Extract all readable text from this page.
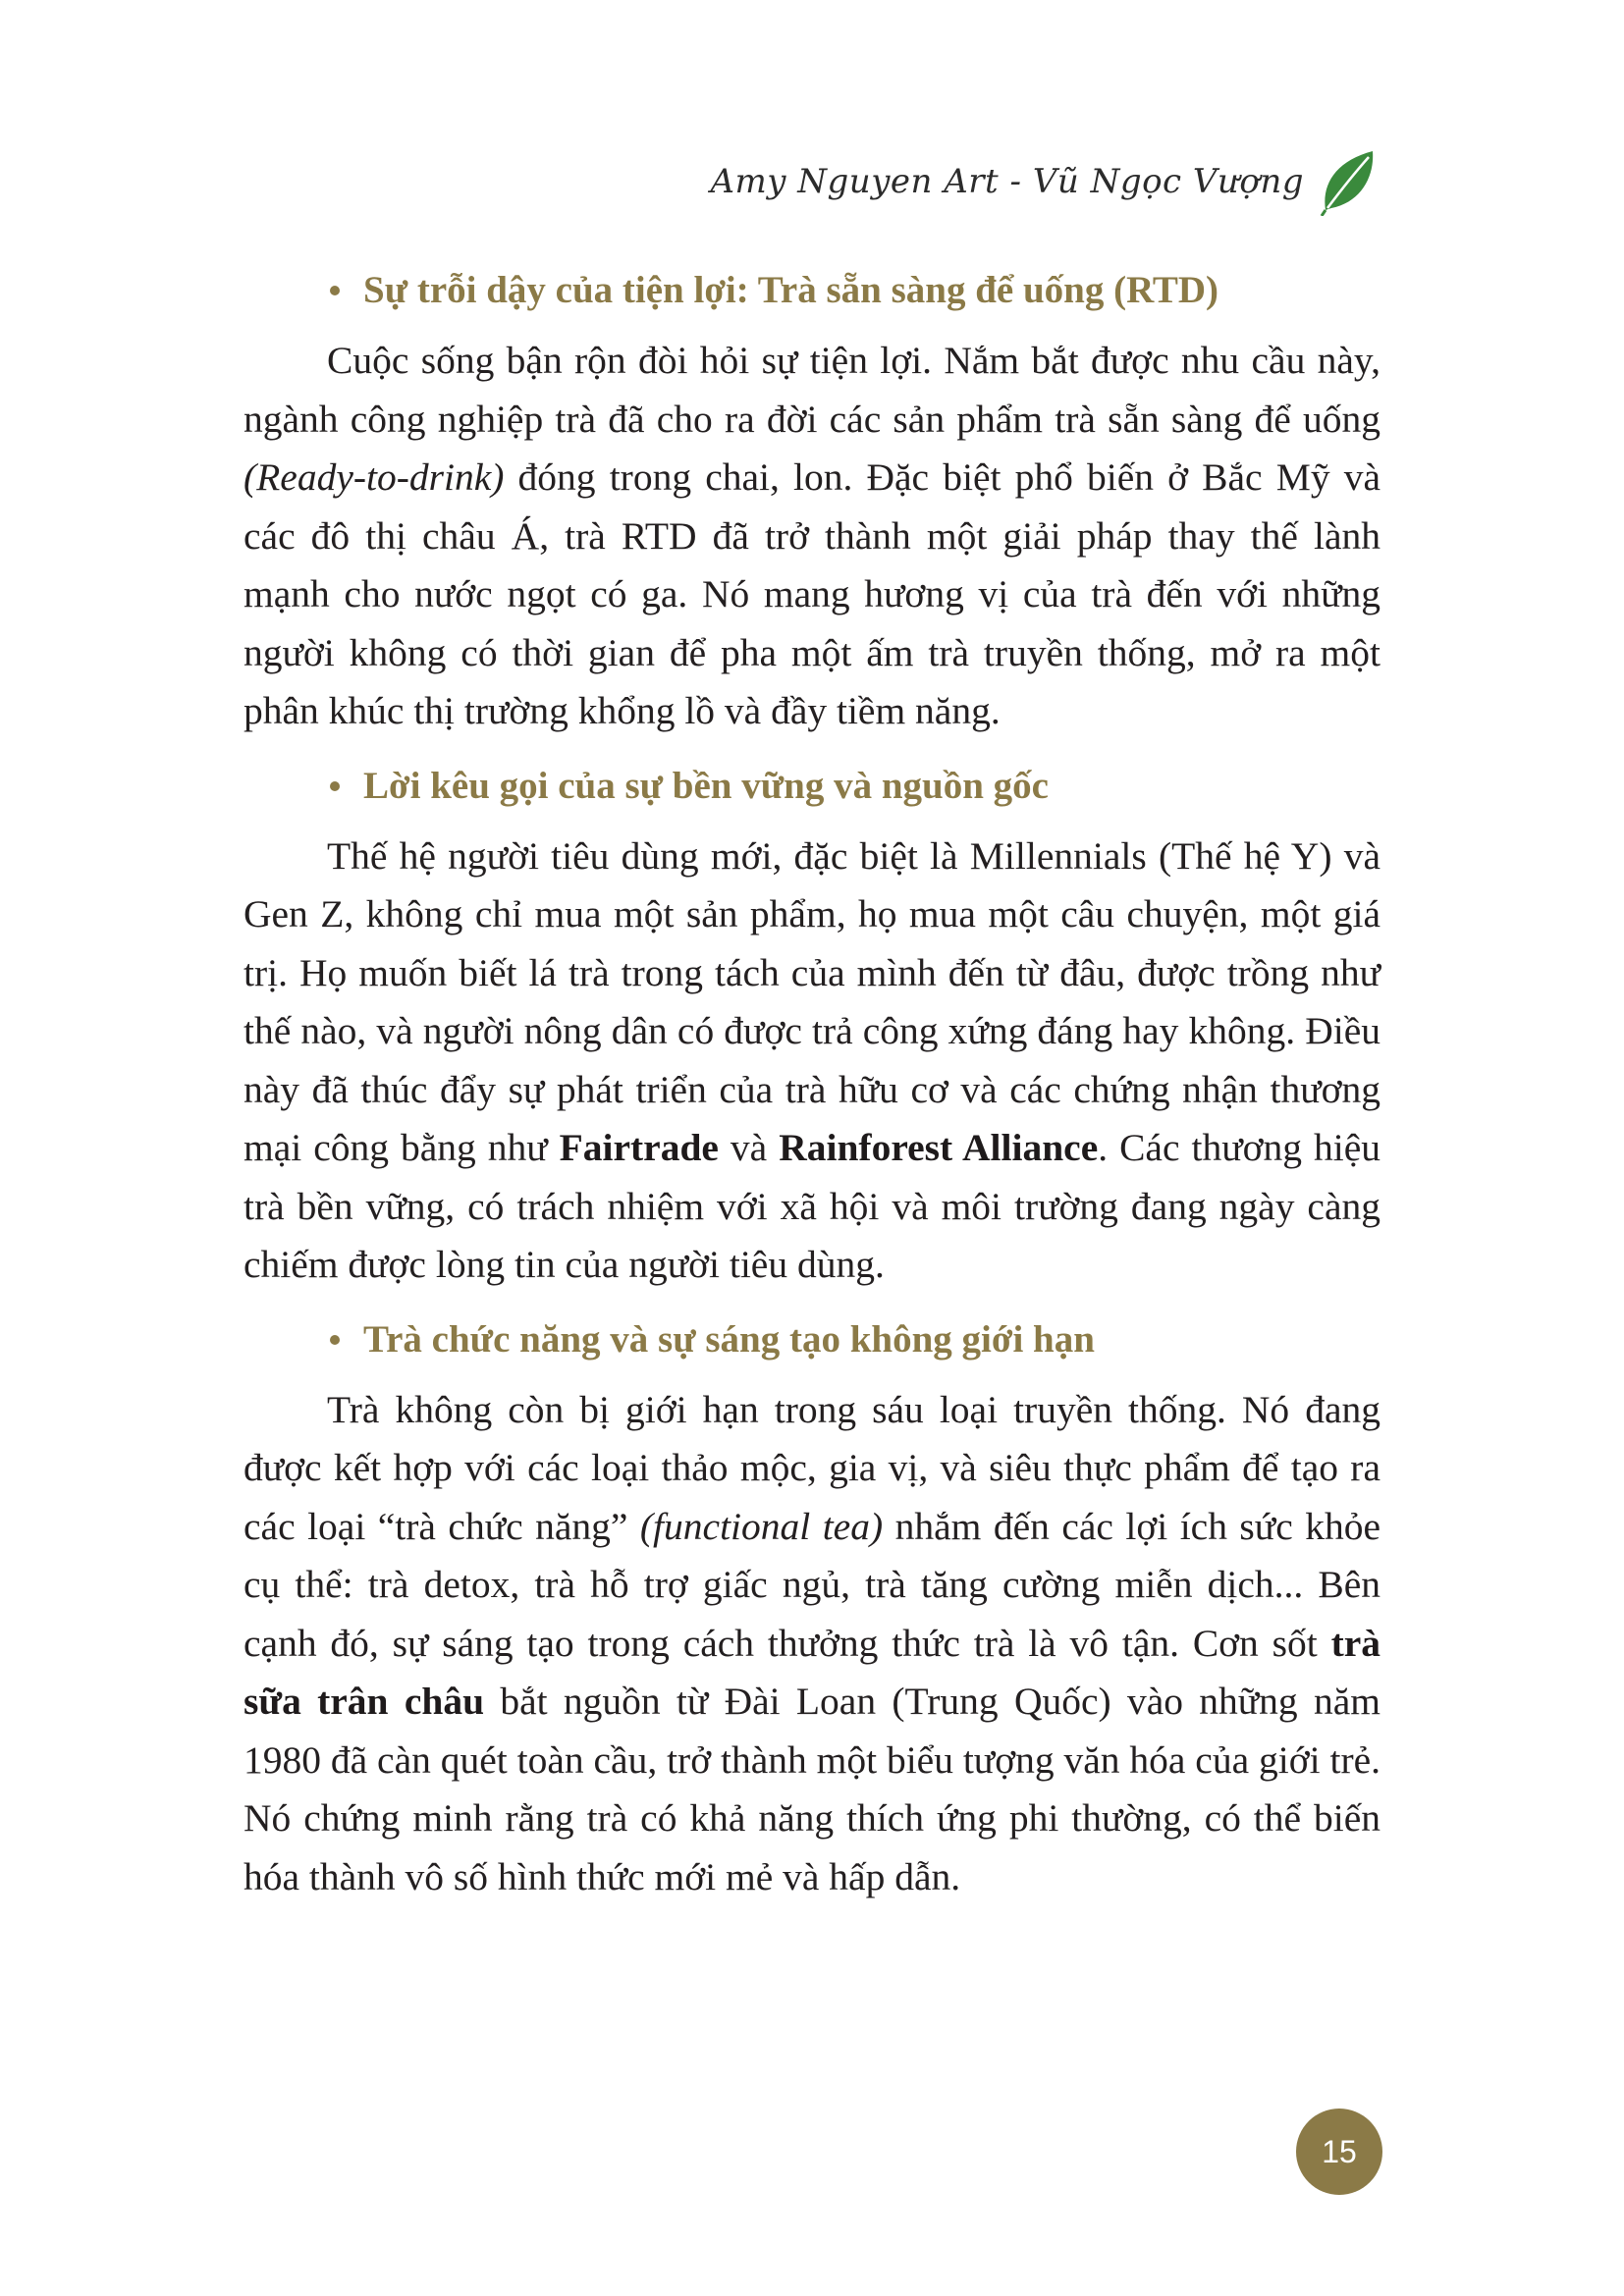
Amy Nguyen Art - Vũ Ngọc Vượng
Sự trỗi dậy của tiện lợi: Trà sẵn sàng để uống (RTD)

Cuộc sống bận rộn đòi hỏi sự tiện lợi. Nắm bắt được nhu cầu này, ngành công nghiệp trà đã cho ra đời các sản phẩm trà sẵn sàng để uống (Ready-to-drink) đóng trong chai, lon. Đặc biệt phổ biến ở Bắc Mỹ và các đô thị châu Á, trà RTD đã trở thành một giải pháp thay thế lành mạnh cho nước ngọt có ga. Nó mang hương vị của trà đến với những người không có thời gian để pha một ấm trà truyền thống, mở ra một phân khúc thị trường khổng lồ và đầy tiềm năng.

Lời kêu gọi của sự bền vững và nguồn gốc

Thế hệ người tiêu dùng mới, đặc biệt là Millennials (Thế hệ Y) và Gen Z, không chỉ mua một sản phẩm, họ mua một câu chuyện, một giá trị. Họ muốn biết lá trà trong tách của mình đến từ đâu, được trồng như thế nào, và người nông dân có được trả công xứng đáng hay không. Điều này đã thúc đẩy sự phát triển của trà hữu cơ và các chứng nhận thương mại công bằng như Fairtrade và Rainforest Alliance. Các thương hiệu trà bền vững, có trách nhiệm với xã hội và môi trường đang ngày càng chiếm được lòng tin của người tiêu dùng.

Trà chức năng và sự sáng tạo không giới hạn

Trà không còn bị giới hạn trong sáu loại truyền thống. Nó đang được kết hợp với các loại thảo mộc, gia vị, và siêu thực phẩm để tạo ra các loại “trà chức năng” (functional tea) nhắm đến các lợi ích sức khỏe cụ thể: trà detox, trà hỗ trợ giấc ngủ, trà tăng cường miễn dịch... Bên cạnh đó, sự sáng tạo trong cách thưởng thức trà là vô tận. Cơn sốt trà sữa trân châu bắt nguồn từ Đài Loan (Trung Quốc) vào những năm 1980 đã càn quét toàn cầu, trở thành một biểu tượng văn hóa của giới trẻ. Nó chứng minh rằng trà có khả năng thích ứng phi thường, có thể biến hóa thành vô số hình thức mới mẻ và hấp dẫn.

15
